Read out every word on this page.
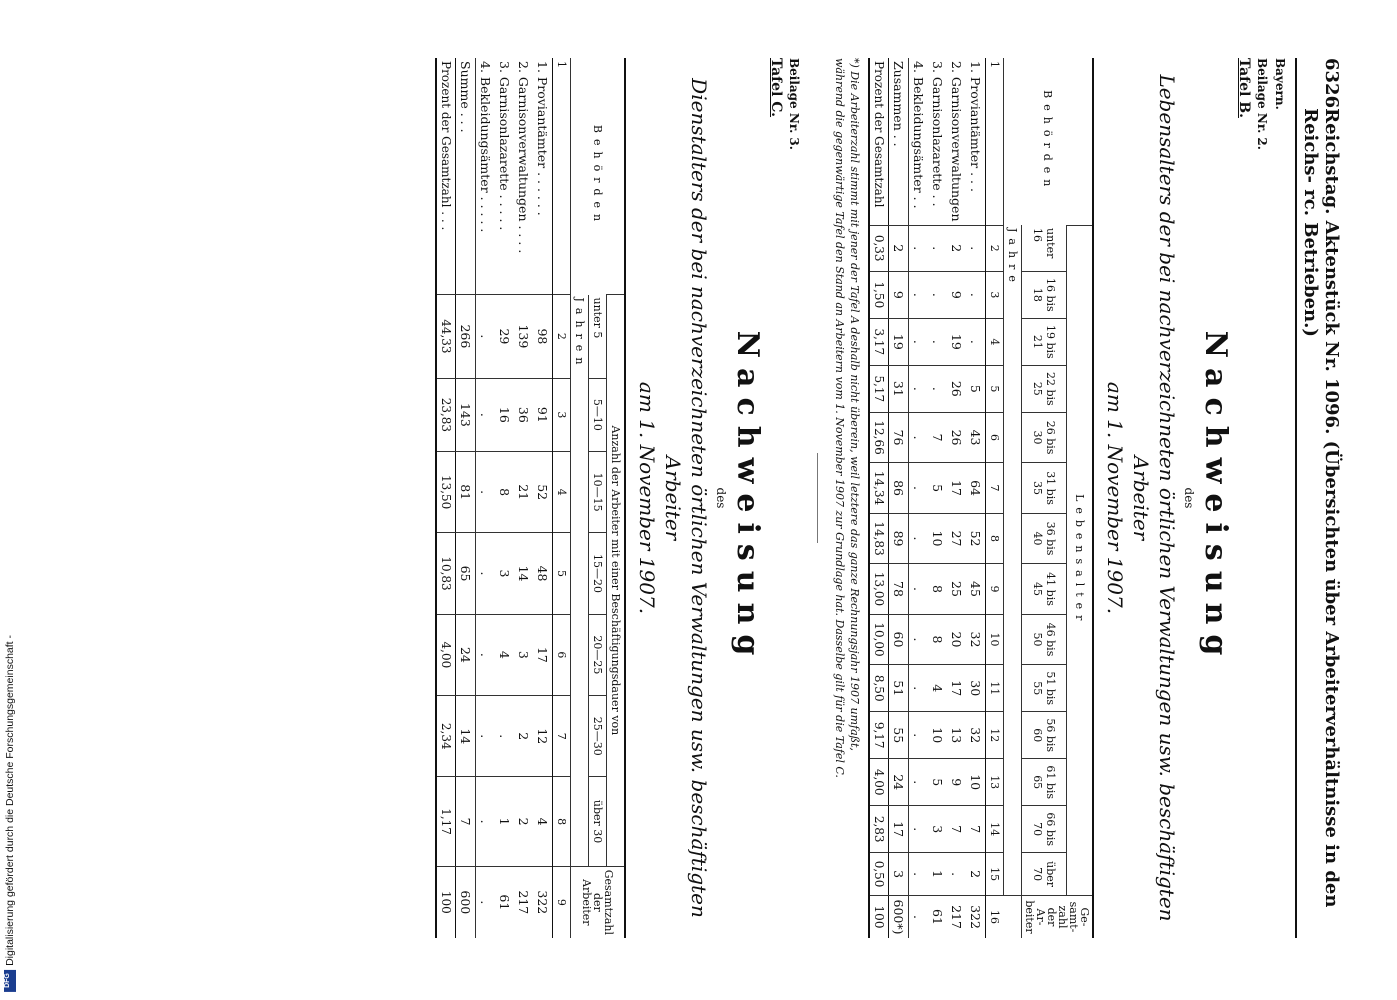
6326
Reichstag. Aktenstück Nr. 1096. (Übersichten über Arbeiterverhältnisse in den Reichs- rc. Betrieben.)
Bayern.
Beilage Nr. 2.
Tafel B.
Nachweisung
des
Lebensalters der bei nachverzeichneten örtlichen Verwaltungen usw. beschäftigten Arbeiter
am 1. November 1907.
Behörden	Lebensalter														Ge-samt-zahl der Ar-beiter
	unter 16	16 bis 18	19 bis 21	22 bis 25	26 bis 30	31 bis 35	36 bis 40	41 bis 45	46 bis 50	51 bis 55	56 bis 60	61 bis 65	66 bis 70	über 70	
	Jahre														
1	2	3	4	5	6	7	8	9	10	11	12	13	14	15	16
1. Proviantämter . . .	.	.	.	5	43	64	52	45	32	30	32	10	7	2	322
2. Garnisonverwaltungen	2	9	19	26	26	17	27	25	20	17	13	9	7	.	217
3. Garnisonlazarette . .	.	.	.	.	7	5	10	8	8	4	10	5	3	1	61
4. Bekleidungsämter . .	.	.	.	.	.	.	.	.	.	.	.	.	.	.	.
Zusammen . .	2	9	19	31	76	86	89	78	60	51	55	24	17	3	600*)
Prozent der Gesamtzahl	0,33	1,50	3,17	5,17	12,66	14,34	14,83	13,00	10,00	8,50	9,17	4,00	2,83	0,50	100
*) Die Arbeiterzahl stimmt mit jener der Tafel A deshalb nicht überein, weil letztere das ganze Rechnungsjahr 1907 umfaßt,
während die gegenwärtige Tafel den Stand an Arbeitern vom 1. November 1907 zur Grundlage hat. Dasselbe gilt für die Tafel C.
Beilage Nr. 3.
Tafel C.
Nachweisung
des
Dienstalters der bei nachverzeichneten örtlichen Verwaltungen usw. beschäftigten Arbeiter
am 1. November 1907.
Behörden	Anzahl der Arbeiter mit einer Beschäftigungsdauer von							Gesamtzahl der Arbeiter
	unter 5	5—10	10—15	15—20	20—25	25—30	über 30	
	Jahren							
1	2	3	4	5	6	7	8	9
1. Proviantämter . . . . . .	98	91	52	48	17	12	4	322
2. Garnisonverwaltungen . . . .	139	36	21	14	3	2	2	217
3. Garnisonlazarette . . . . .	29	16	8	3	4	.	1	61
4. Bekleidungsämter . . . . .	.	.	.	.	.	.	.	.
Summe . . .	266	143	81	65	24	14	7	600
Prozent der Gesamtzahl . . .	44,33	23,83	13,50	10,83	4,00	2,34	1,17	100
DFG
Digitalisierung gefördert durch die Deutsche Forschungsgemeinschaft -
